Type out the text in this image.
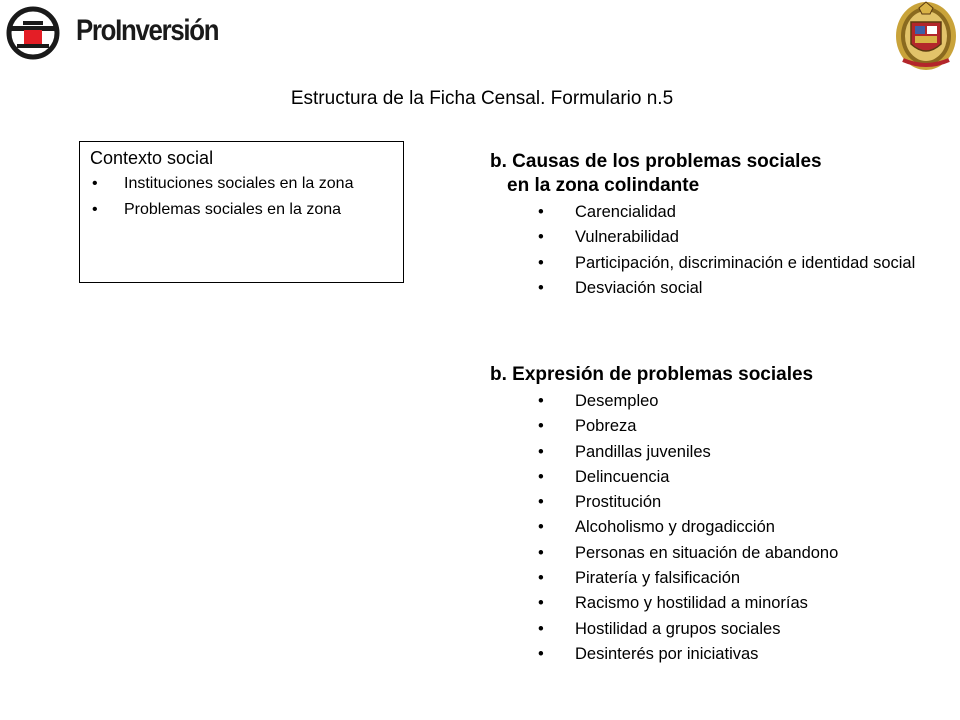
ProInversión
Estructura de la Ficha Censal. Formulario n.5
Contexto social
• Instituciones sociales en la zona
• Problemas sociales en la zona

b. Causas de los problemas sociales
en la zona colindante

• Carencialidad
• Vulnerabilidad
• Participación, discriminación e identidad social
• Desviación social

b. Expresión de problemas sociales

• Desempleo
• Pobreza
• Pandillas juveniles
• Delincuencia
• Prostitución
• Alcoholismo y drogadicción
• Personas en situación de abandono
• Piratería y falsificación
• Racismo y hostilidad a minorías
• Hostilidad a grupos sociales
• Desinterés por iniciativas
